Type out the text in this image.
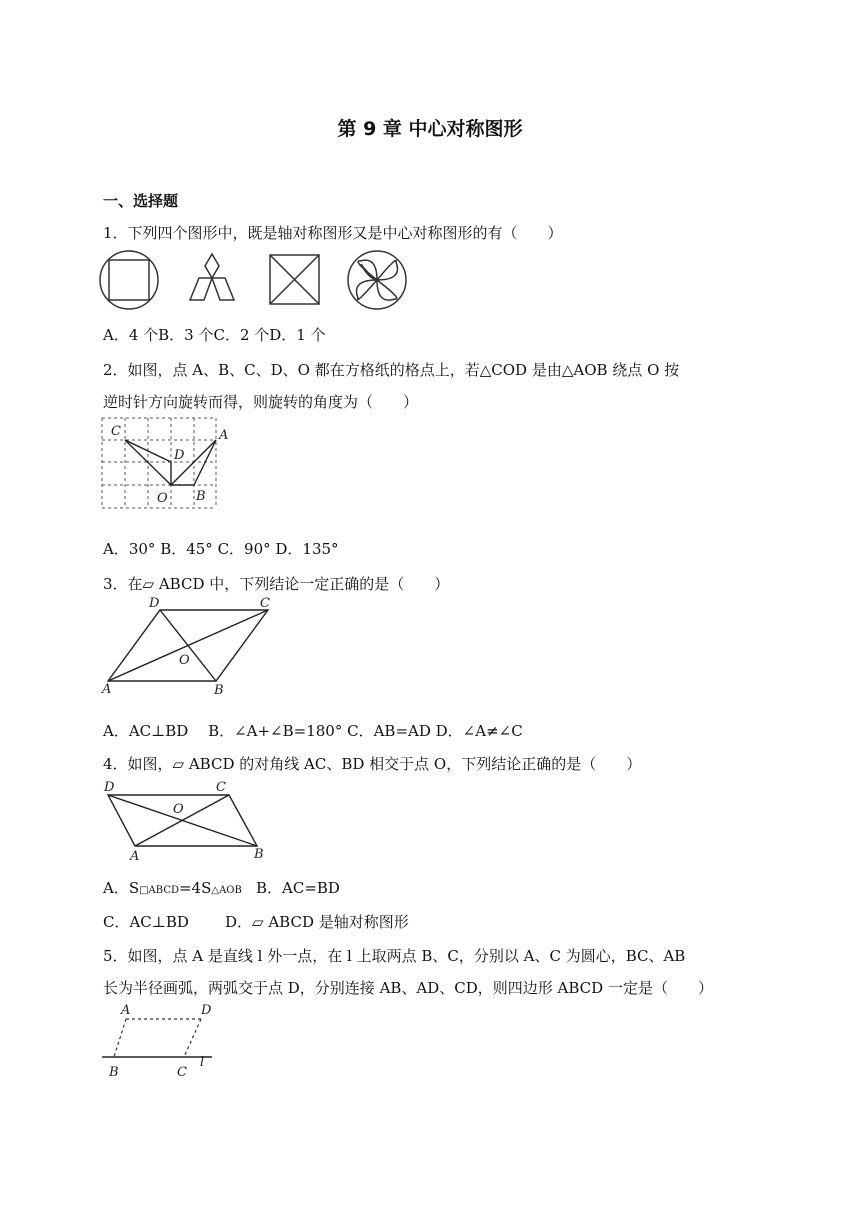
第 9 章 中心对称图形
一、选择题
1．下列四个图形中，既是轴对称图形又是中心对称图形的有（　　）
A．4 个B．3 个C．2 个D．1 个
2．如图，点 A、B、C、D、O 都在方格纸的格点上，若△COD 是由△AOB 绕点 O 按
逆时针方向旋转而得，则旋转的角度为（　　）
C	A
D
O B
A．30° B．45° C．90° D．135°
3．在▱ ABCD 中，下列结论一定正确的是（　　）
D	C
O
A	B
A．AC⊥BD　 B．∠A+∠B=180° C．AB=AD D．∠A≠∠C
4．如图，▱ ABCD 的对角线 AC、BD 相交于点 O，下列结论正确的是（　　）
D	C
O
A	B
A．S□ABCD=4S△AOB B．AC=BD
C．AC⊥BD D．▱ ABCD 是轴对称图形
5．如图，点 A 是直线 l 外一点，在 l 上取两点 B、C，分别以 A、C 为圆心，BC、AB
长为半径画弧，两弧交于点 D，分别连接 AB、AD、CD，则四边形 ABCD 一定是（　　）
A	D
B	C
l
